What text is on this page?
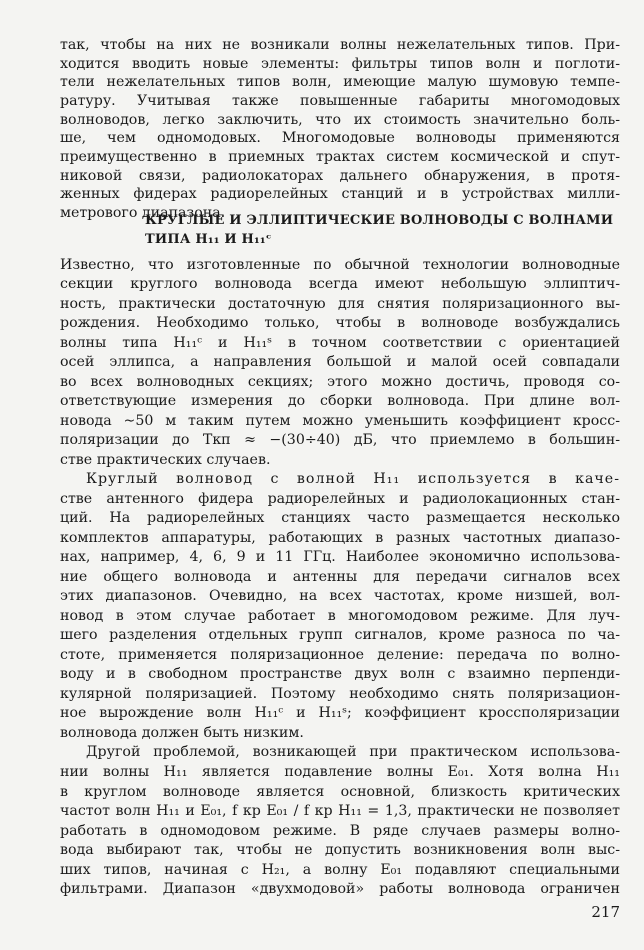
так, чтобы на них не возникали волны нежелательных типов. При-
ходится вводить новые элементы: фильтры типов волн и поглоти-
тели нежелательных типов волн, имеющие малую шумовую темпе-
ратуру. Учитывая также повышенные габариты многомодовых
волноводов, легко заключить, что их стоимость значительно боль-
ше, чем одномодовых. Многомодовые волноводы применяются
преимущественно в приемных трактах систем космической и спут-
никовой связи, радиолокаторах дальнего обнаружения, в протя-
женных фидерах радиорелейных станций и в устройствах милли-
метрового диапазона.
КРУГЛЫЕ И ЭЛЛИПТИЧЕСКИЕ ВОЛНОВОДЫ С ВОЛНАМИ
ТИПА H₁₁ И H₁₁ᶜ
Известно, что изготовленные по обычной технологии волноводные
секции круглого волновода всегда имеют небольшую эллиптич-
ность, практически достаточную для снятия поляризационного вы-
рождения. Необходимо только, чтобы в волноводе возбуждались
волны типа H₁₁ᶜ и H₁₁ˢ в точном соответствии с ориентацией
осей эллипса, а направления большой и малой осей совпадали
во всех волноводных секциях; этого можно достичь, проводя со-
ответствующие измерения до сборки волновода. При длине вол-
новода ∼50 м таким путем можно уменьшить коэффициент кросс-
поляризации до Tкп ≈ −(30÷40) дБ, что приемлемо в большин-
стве практических случаев.
Круглый волновод с волной H₁₁ используется в каче-
стве антенного фидера радиорелейных и радиолокационных стан-
ций. На радиорелейных станциях часто размещается несколько
комплектов аппаратуры, работающих в разных частотных диапазо-
нах, например, 4, 6, 9 и 11 ГГц. Наиболее экономично использова-
ние общего волновода и антенны для передачи сигналов всех
этих диапазонов. Очевидно, на всех частотах, кроме низшей, вол-
новод в этом случае работает в многомодовом режиме. Для луч-
шего разделения отдельных групп сигналов, кроме разноса по ча-
стоте, применяется поляризационное деление: передача по волно-
воду и в свободном пространстве двух волн с взаимно перпенди-
кулярной поляризацией. Поэтому необходимо снять поляризацион-
ное вырождение волн H₁₁ᶜ и H₁₁ˢ; коэффициент кроссполяризации
волновода должен быть низким.
Другой проблемой, возникающей при практическом использова-
нии волны H₁₁ является подавление волны E₀₁. Хотя волна H₁₁
в круглом волноводе является основной, близкость критических
частот волн H₁₁ и E₀₁, f кр E₀₁ / f кр H₁₁ = 1,3, практически не позволяет
работать в одномодовом режиме. В ряде случаев размеры волно-
вода выбирают так, чтобы не допустить возникновения волн выс-
ших типов, начиная с H₂₁, а волну E₀₁ подавляют специальными
фильтрами. Диапазон «двухмодовой» работы волновода ограничен
217
